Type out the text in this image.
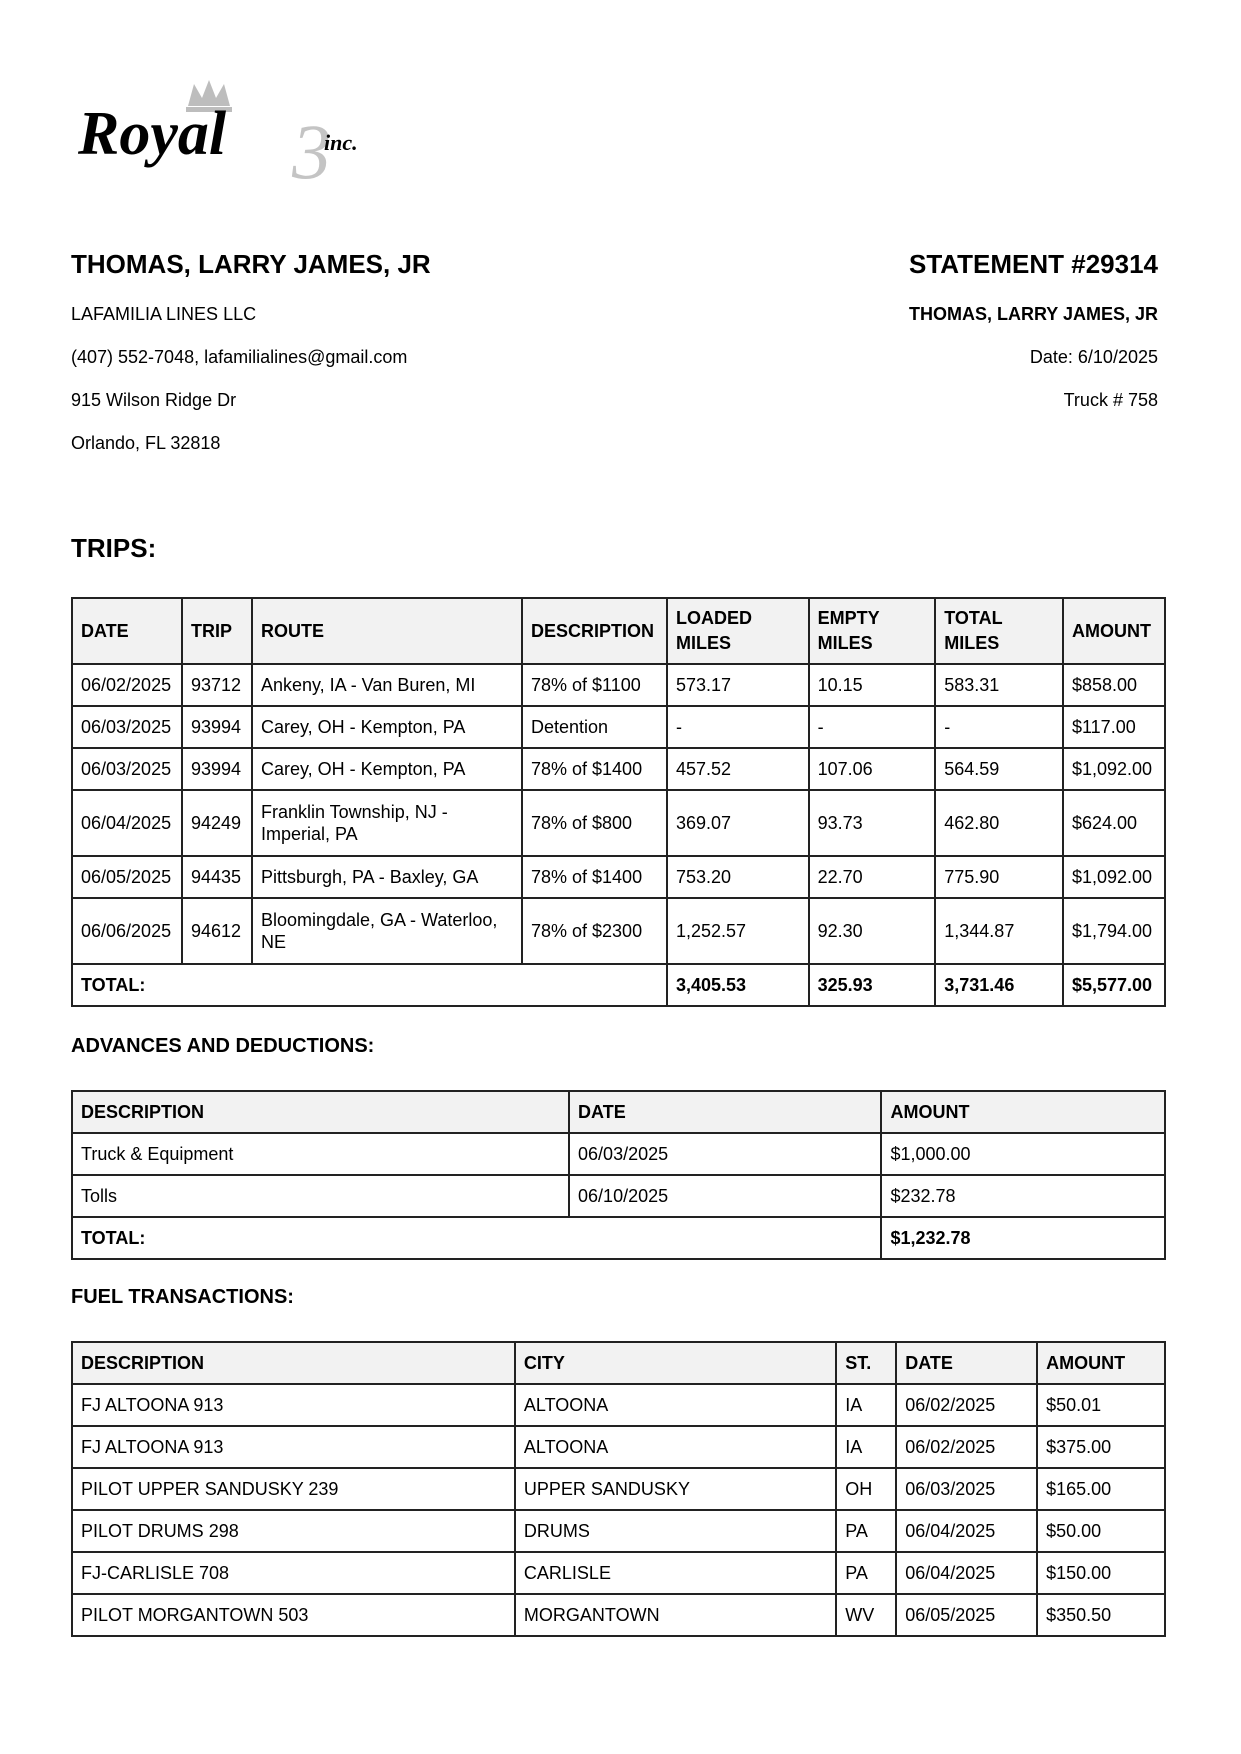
3
Royal	inc.
THOMAS, LARRY JAMES, JR
LAFAMILIA LINES LLC
(407) 552-7048, lafamilialines@gmail.com
915 Wilson Ridge Dr
Orlando, FL 32818
STATEMENT #29314
THOMAS, LARRY JAMES, JR
Date: 6/10/2025
Truck # 758
TRIPS:
DATE	TRIP	ROUTE	DESCRIPTION	LOADED MILES	EMPTY MILES	TOTAL MILES	AMOUNT
06/02/2025	93712	Ankeny, IA - Van Buren, MI	78% of $1100	573.17	10.15	583.31	$858.00
06/03/2025	93994	Carey, OH - Kempton, PA	Detention	-	-	-	$117.00
06/03/2025	93994	Carey, OH - Kempton, PA	78% of $1400	457.52	107.06	564.59	$1,092.00
06/04/2025	94249	Franklin Township, NJ - Imperial, PA	78% of $800	369.07	93.73	462.80	$624.00
06/05/2025	94435	Pittsburgh, PA - Baxley, GA	78% of $1400	753.20	22.70	775.90	$1,092.00
06/06/2025	94612	Bloomingdale, GA - Waterloo, NE	78% of $2300	1,252.57	92.30	1,344.87	$1,794.00
TOTAL:				3,405.53	325.93	3,731.46	$5,577.00
ADVANCES AND DEDUCTIONS:
DESCRIPTION	DATE	AMOUNT
Truck & Equipment	06/03/2025	$1,000.00
Tolls	06/10/2025	$232.78
TOTAL:		$1,232.78
FUEL TRANSACTIONS:
DESCRIPTION	CITY	ST.	DATE	AMOUNT
FJ ALTOONA 913	ALTOONA	IA	06/02/2025	$50.01
FJ ALTOONA 913	ALTOONA	IA	06/02/2025	$375.00
PILOT UPPER SANDUSKY 239	UPPER SANDUSKY	OH	06/03/2025	$165.00
PILOT DRUMS 298	DRUMS	PA	06/04/2025	$50.00
FJ-CARLISLE 708	CARLISLE	PA	06/04/2025	$150.00
PILOT MORGANTOWN 503	MORGANTOWN	WV	06/05/2025	$350.50
